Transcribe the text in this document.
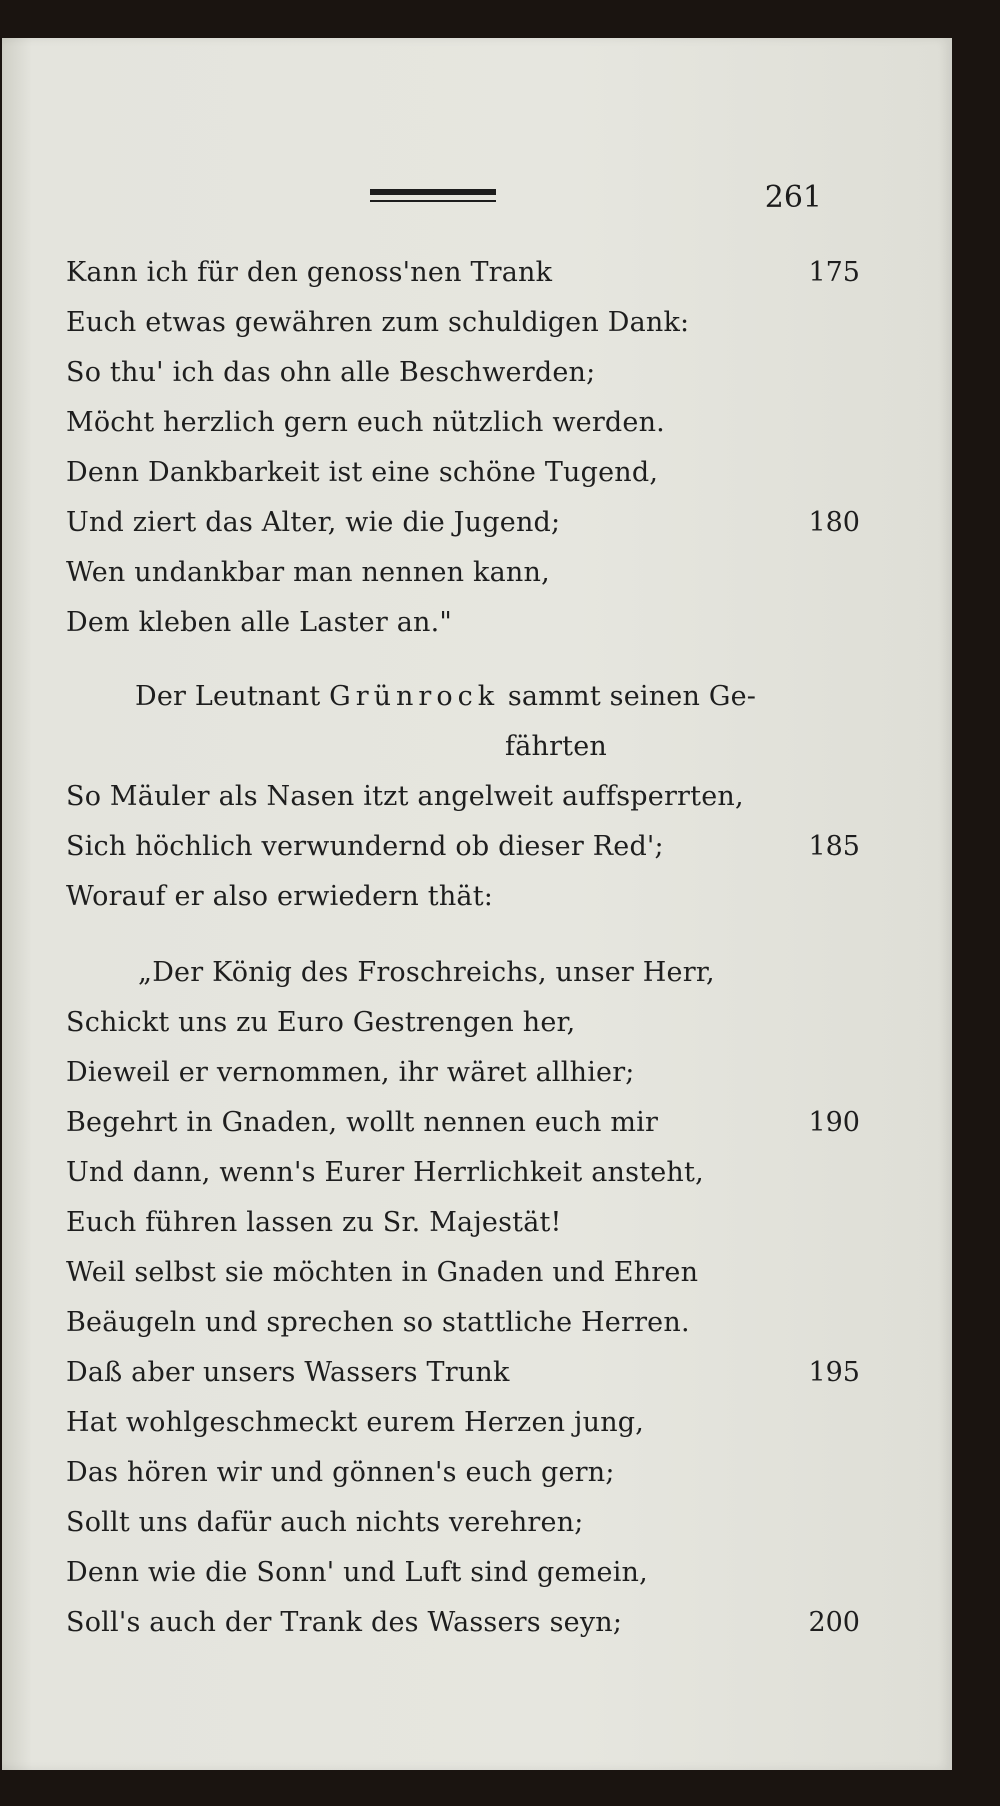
261
Kann ich für den genoss'nen Trank	175
Euch etwas gewähren zum schuldigen Dank:
So thu' ich das ohn alle Beschwerden;
Möcht herzlich gern euch nützlich werden.
Denn Dankbarkeit ist eine schöne Tugend,
Und ziert das Alter, wie die Jugend;	180
Wen undankbar man nennen kann,
Dem kleben alle Laster an."
Der Leutnant Grünrock sammt seinen Ge-
fährten
So Mäuler als Nasen itzt angelweit auffsperrten,
Sich höchlich verwundernd ob dieser Red';	185
Worauf er also erwiedern thät:
„Der König des Froschreichs, unser Herr,
Schickt uns zu Euro Gestrengen her,
Dieweil er vernommen, ihr wäret allhier;
Begehrt in Gnaden, wollt nennen euch mir	190
Und dann, wenn's Eurer Herrlichkeit ansteht,
Euch führen lassen zu Sr. Majestät!
Weil selbst sie möchten in Gnaden und Ehren
Beäugeln und sprechen so stattliche Herren.
Daß aber unsers Wassers Trunk	195
Hat wohlgeschmeckt eurem Herzen jung,
Das hören wir und gönnen's euch gern;
Sollt uns dafür auch nichts verehren;
Denn wie die Sonn' und Luft sind gemein,
Soll's auch der Trank des Wassers seyn;	200
